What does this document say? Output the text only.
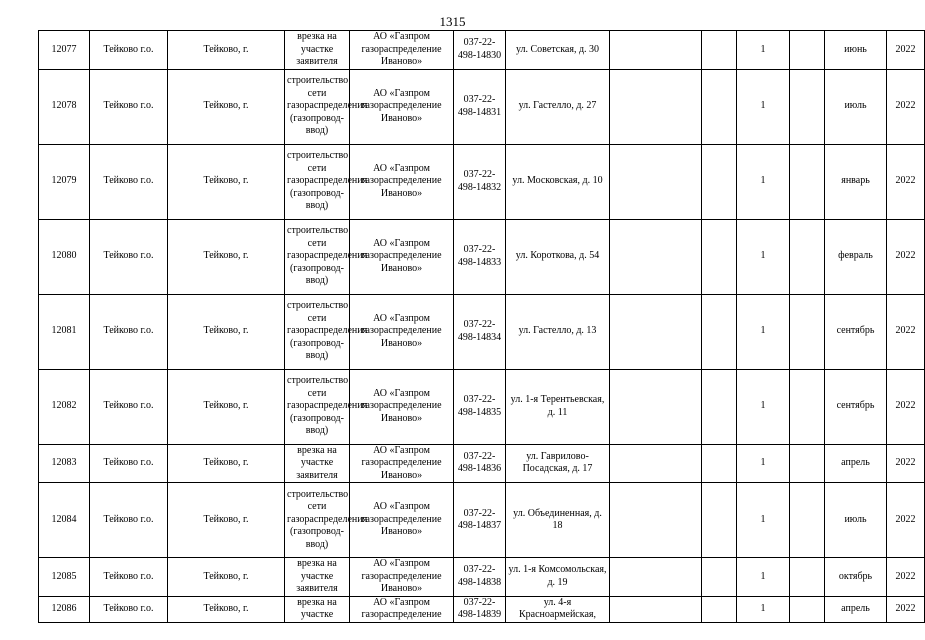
1315
12077	Тейково г.о.	Тейково, г.	врезка на участке заявителя	АО «Газпром газораспределение Иваново»	037-22-498-14830	ул. Советская, д. 30			1		июнь	2022
12078	Тейково г.о.	Тейково, г.	строительство сети газораспределения (газопровод-ввод)	АО «Газпром газораспределение Иваново»	037-22-498-14831	ул. Гастелло, д. 27			1		июль	2022
12079	Тейково г.о.	Тейково, г.	строительство сети газораспределения (газопровод-ввод)	АО «Газпром газораспределение Иваново»	037-22-498-14832	ул. Московская, д. 10			1		январь	2022
12080	Тейково г.о.	Тейково, г.	строительство сети газораспределения (газопровод-ввод)	АО «Газпром газораспределение Иваново»	037-22-498-14833	ул. Короткова, д. 54			1		февраль	2022
12081	Тейково г.о.	Тейково, г.	строительство сети газораспределения (газопровод-ввод)	АО «Газпром газораспределение Иваново»	037-22-498-14834	ул. Гастелло, д. 13			1		сентябрь	2022
12082	Тейково г.о.	Тейково, г.	строительство сети газораспределения (газопровод-ввод)	АО «Газпром газораспределение Иваново»	037-22-498-14835	ул. 1-я Терентьевская, д. 11			1		сентябрь	2022
12083	Тейково г.о.	Тейково, г.	врезка на участке заявителя	АО «Газпром газораспределение Иваново»	037-22-498-14836	ул. Гаврилово-Посадская, д. 17			1		апрель	2022
12084	Тейково г.о.	Тейково, г.	строительство сети газораспределения (газопровод-ввод)	АО «Газпром газораспределение Иваново»	037-22-498-14837	ул. Объединенная, д. 18			1		июль	2022
12085	Тейково г.о.	Тейково, г.	врезка на участке заявителя	АО «Газпром газораспределение Иваново»	037-22-498-14838	ул. 1-я Комсомольская, д. 19			1		октябрь	2022
12086	Тейково г.о.	Тейково, г.	врезка на участке	АО «Газпром газораспределение	037-22-498-14839	ул. 4-я Красноармейская,			1		апрель	2022
